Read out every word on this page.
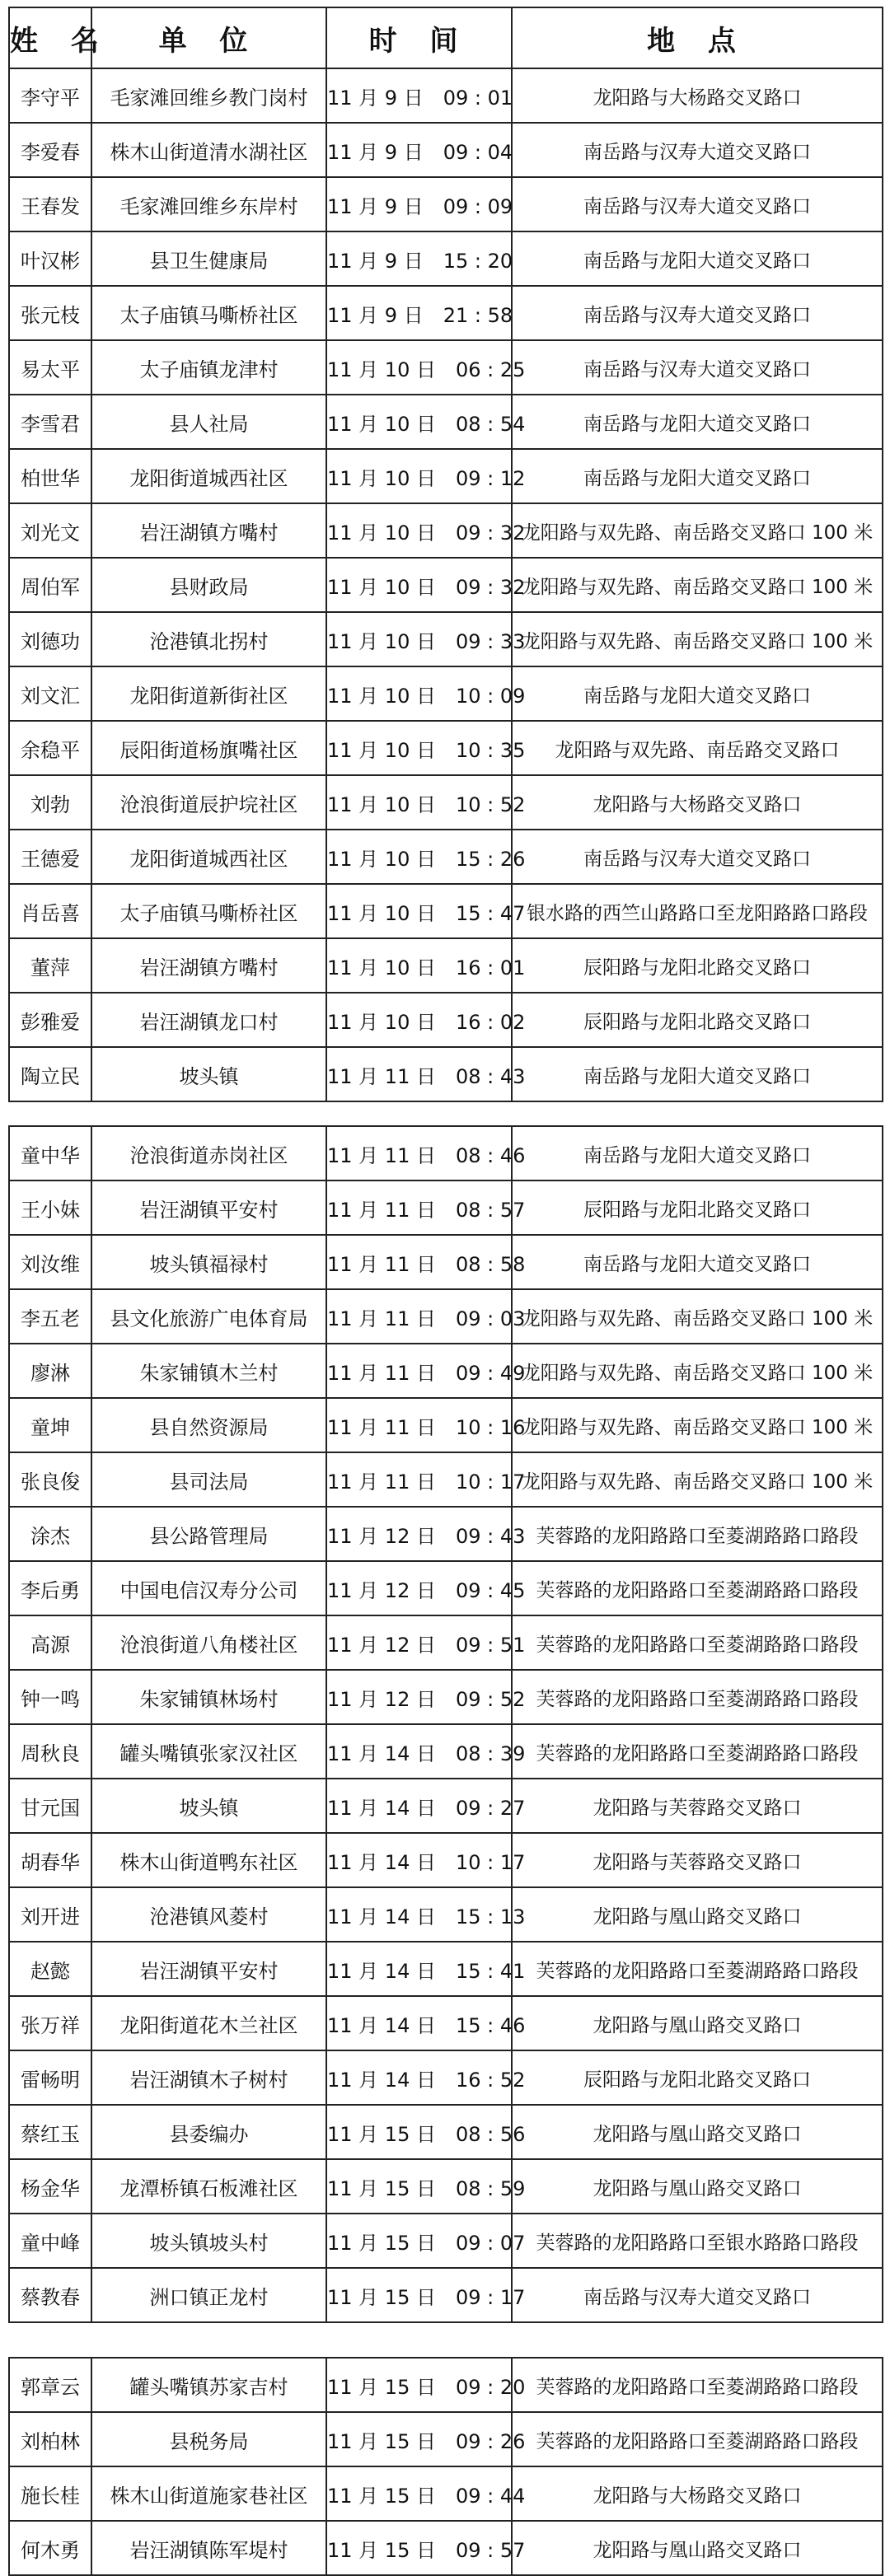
姓 名	单 位	时 间	地 点
李守平	毛家滩回维乡教门岗村	11 月 9 日　09 : 01	龙阳路与大杨路交叉路口
李爱春	株木山街道清水湖社区	11 月 9 日　09 : 04	南岳路与汉寿大道交叉路口
王春发	毛家滩回维乡东岸村	11 月 9 日　09 : 09	南岳路与汉寿大道交叉路口
叶汉彬	县卫生健康局	11 月 9 日　15 : 20	南岳路与龙阳大道交叉路口
张元枝	太子庙镇马嘶桥社区	11 月 9 日　21 : 58	南岳路与汉寿大道交叉路口
易太平	太子庙镇龙津村	11 月 10 日　06 : 25	南岳路与汉寿大道交叉路口
李雪君	县人社局	11 月 10 日　08 : 54	南岳路与龙阳大道交叉路口
柏世华	龙阳街道城西社区	11 月 10 日　09 : 12	南岳路与龙阳大道交叉路口
刘光文	岩汪湖镇方嘴村	11 月 10 日　09 : 32	龙阳路与双先路、南岳路交叉路口 100 米
周伯军	县财政局	11 月 10 日　09 : 32	龙阳路与双先路、南岳路交叉路口 100 米
刘德功	沧港镇北拐村	11 月 10 日　09 : 33	龙阳路与双先路、南岳路交叉路口 100 米
刘文汇	龙阳街道新街社区	11 月 10 日　10 : 09	南岳路与龙阳大道交叉路口
余稳平	辰阳街道杨旗嘴社区	11 月 10 日　10 : 35	龙阳路与双先路、南岳路交叉路口
刘勃	沧浪街道辰护垸社区	11 月 10 日　10 : 52	龙阳路与大杨路交叉路口
王德爱	龙阳街道城西社区	11 月 10 日　15 : 26	南岳路与汉寿大道交叉路口
肖岳喜	太子庙镇马嘶桥社区	11 月 10 日　15 : 47	银水路的西竺山路路口至龙阳路路口路段
董萍	岩汪湖镇方嘴村	11 月 10 日　16 : 01	辰阳路与龙阳北路交叉路口
彭雅爱	岩汪湖镇龙口村	11 月 10 日　16 : 02	辰阳路与龙阳北路交叉路口
陶立民	坡头镇	11 月 11 日　08 : 43	南岳路与龙阳大道交叉路口
童中华	沧浪街道赤岗社区	11 月 11 日　08 : 46	南岳路与龙阳大道交叉路口
王小妹	岩汪湖镇平安村	11 月 11 日　08 : 57	辰阳路与龙阳北路交叉路口
刘汝维	坡头镇福禄村	11 月 11 日　08 : 58	南岳路与龙阳大道交叉路口
李五老	县文化旅游广电体育局	11 月 11 日　09 : 03	龙阳路与双先路、南岳路交叉路口 100 米
廖淋	朱家铺镇木兰村	11 月 11 日　09 : 49	龙阳路与双先路、南岳路交叉路口 100 米
童坤	县自然资源局	11 月 11 日　10 : 16	龙阳路与双先路、南岳路交叉路口 100 米
张良俊	县司法局	11 月 11 日　10 : 17	龙阳路与双先路、南岳路交叉路口 100 米
涂杰	县公路管理局	11 月 12 日　09 : 43	芙蓉路的龙阳路路口至菱湖路路口路段
李后勇	中国电信汉寿分公司	11 月 12 日　09 : 45	芙蓉路的龙阳路路口至菱湖路路口路段
高源	沧浪街道八角楼社区	11 月 12 日　09 : 51	芙蓉路的龙阳路路口至菱湖路路口路段
钟一鸣	朱家铺镇林场村	11 月 12 日　09 : 52	芙蓉路的龙阳路路口至菱湖路路口路段
周秋良	罐头嘴镇张家汉社区	11 月 14 日　08 : 39	芙蓉路的龙阳路路口至菱湖路路口路段
甘元国	坡头镇	11 月 14 日　09 : 27	龙阳路与芙蓉路交叉路口
胡春华	株木山街道鸭东社区	11 月 14 日　10 : 17	龙阳路与芙蓉路交叉路口
刘开进	沧港镇风菱村	11 月 14 日　15 : 13	龙阳路与凰山路交叉路口
赵懿	岩汪湖镇平安村	11 月 14 日　15 : 41	芙蓉路的龙阳路路口至菱湖路路口路段
张万祥	龙阳街道花木兰社区	11 月 14 日　15 : 46	龙阳路与凰山路交叉路口
雷畅明	岩汪湖镇木子树村	11 月 14 日　16 : 52	辰阳路与龙阳北路交叉路口
蔡红玉	县委编办	11 月 15 日　08 : 56	龙阳路与凰山路交叉路口
杨金华	龙潭桥镇石板滩社区	11 月 15 日　08 : 59	龙阳路与凰山路交叉路口
童中峰	坡头镇坡头村	11 月 15 日　09 : 07	芙蓉路的龙阳路路口至银水路路口路段
蔡教春	洲口镇正龙村	11 月 15 日　09 : 17	南岳路与汉寿大道交叉路口
郭章云	罐头嘴镇苏家吉村	11 月 15 日　09 : 20	芙蓉路的龙阳路路口至菱湖路路口路段
刘柏林	县税务局	11 月 15 日　09 : 26	芙蓉路的龙阳路路口至菱湖路路口路段
施长桂	株木山街道施家巷社区	11 月 15 日　09 : 44	龙阳路与大杨路交叉路口
何木勇	岩汪湖镇陈军堤村	11 月 15 日　09 : 57	龙阳路与凰山路交叉路口
